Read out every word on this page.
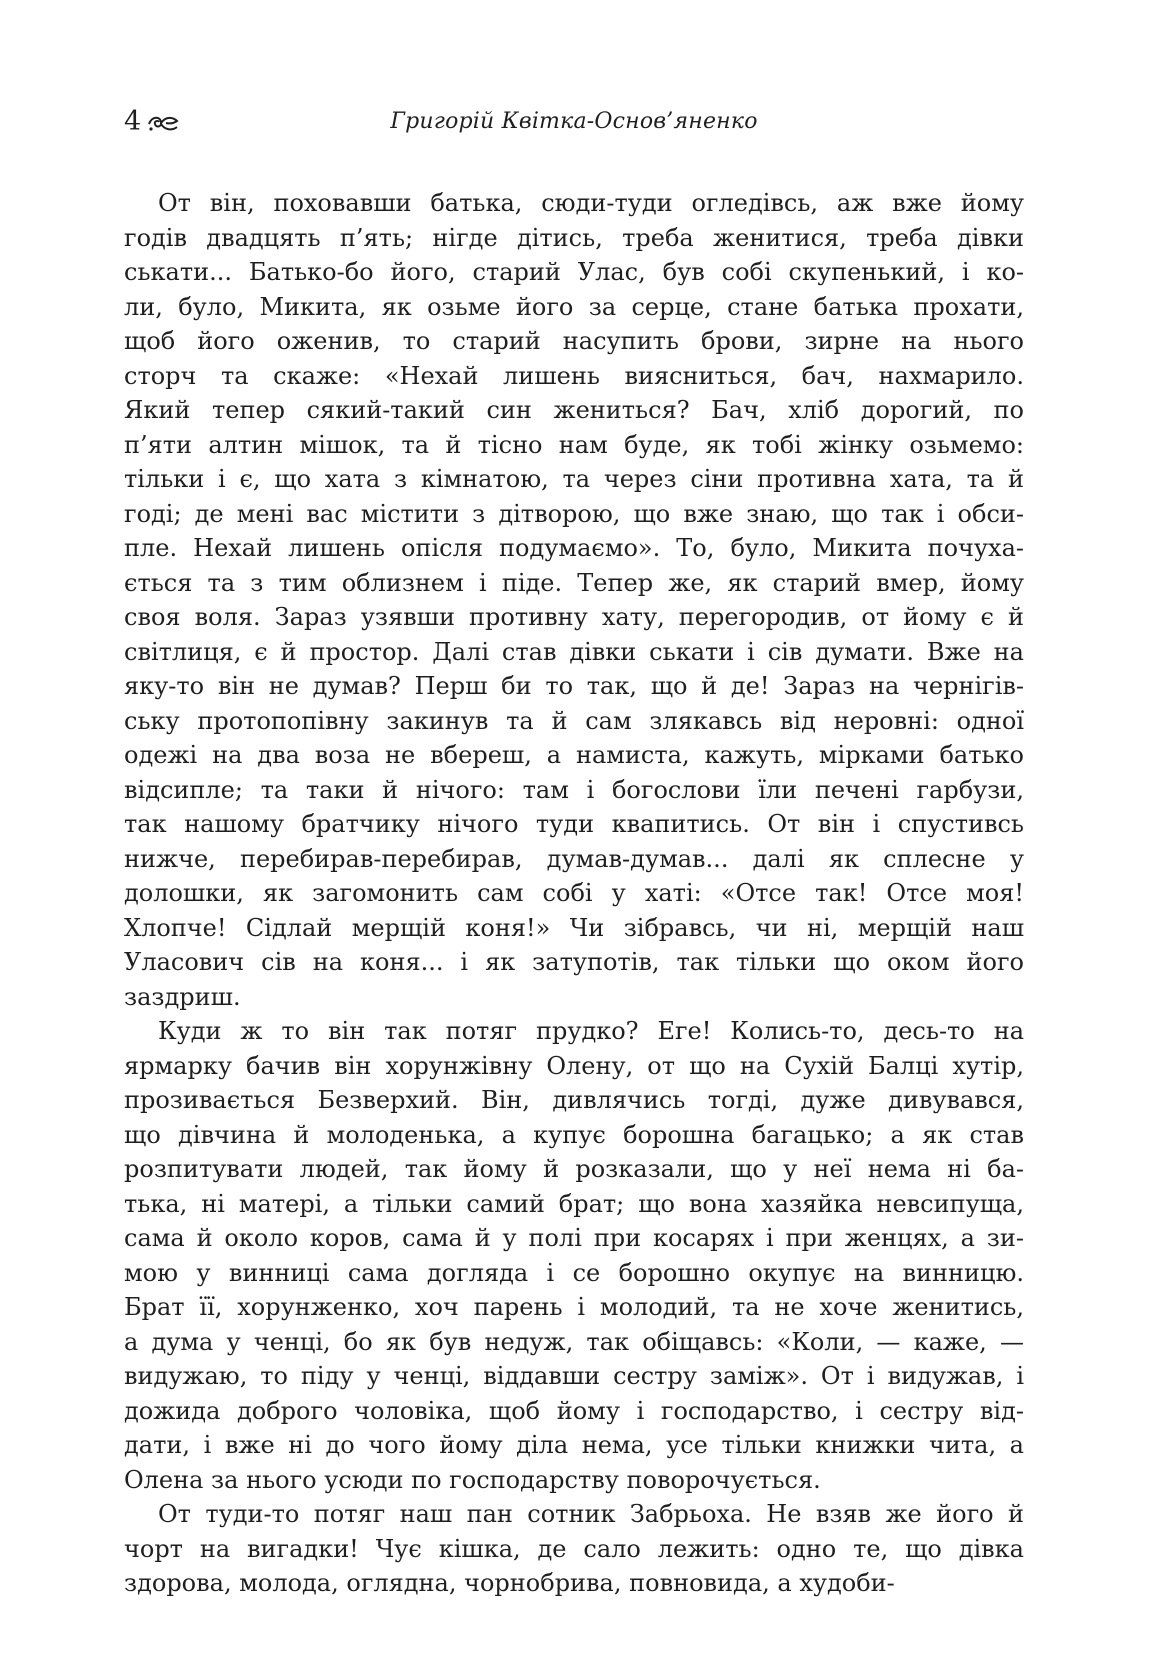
4	Григорій Квітка-Основ’яненко
От він, поховавши батька, сюди-туди огледівсь, аж вже йому
годів двадцять п’ять; нігде дітись, треба женитися, треба дівки
ськати... Батько-бо його, старий Улас, був собі скупенький, і ко-
ли, було, Микита, як озьме його за серце, стане батька прохати,
щоб його оженив, то старий насупить брови, зирне на нього
сторч та скаже: «Нехай лишень виясниться, бач, нахмарило.
Який тепер сякий-такий син жениться? Бач, хліб дорогий, по
п’яти алтин мішок, та й тісно нам буде, як тобі жінку озьмемо:
тільки і є, що хата з кімнатою, та через сіни противна хата, та й
годі; де мені вас містити з дітворою, що вже знаю, що так і обси-
пле. Нехай лишень опісля подумаємо». То, було, Микита почуха-
ється та з тим облизнем і піде. Тепер же, як старий вмер, йому
своя воля. Зараз узявши противну хату, перегородив, от йому є й
світлиця, є й простор. Далі став дівки ськати і сів думати. Вже на
яку-то він не думав? Перш би то так, що й де! Зараз на чернігів-
ську протопопівну закинув та й сам злякавсь від неровні: одної
одежі на два воза не вбереш, а намиста, кажуть, мірками батько
відсипле; та таки й нічого: там і богослови їли печені гарбузи,
так нашому братчику нічого туди квапитись. От він і спустивсь
нижче, перебирав-перебирав, думав-думав... далі як сплесне у
долошки, як загомонить сам собі у хаті: «Отсе так! Отсе моя!
Хлопче! Сідлай мерщій коня!» Чи зібравсь, чи ні, мерщій наш
Уласович сів на коня... і як затупотів, так тільки що оком його
заздриш.
Куди ж то він так потяг прудко? Еге! Колись-то, десь-то на
ярмарку бачив він хорунжівну Олену, от що на Сухій Балці хутір,
прозивається Безверхий. Він, дивлячись тогді, дуже дивувався,
що дівчина й молоденька, а купує борошна багацько; а як став
розпитувати людей, так йому й розказали, що у неї нема ні ба-
тька, ні матері, а тільки самий брат; що вона хазяйка невсипуща,
сама й около коров, сама й у полі при косарях і при женцях, а зи-
мою у винниці сама догляда і се борошно окупує на винницю.
Брат її, хорунженко, хоч парень і молодий, та не хоче женитись,
а дума у ченці, бо як був недуж, так обіщавсь: «Коли, — каже, —
видужаю, то піду у ченці, віддавши сестру заміж». От і видужав, і
дожида доброго чоловіка, щоб йому і господарство, і сестру від-
дати, і вже ні до чого йому діла нема, усе тільки книжки чита, а
Олена за нього усюди по господарству поворочується.
От туди-то потяг наш пан сотник Забрьоха. Не взяв же його й
чорт на вигадки! Чує кішка, де сало лежить: одно те, що дівка
здорова, молода, оглядна, чорнобрива, повновида, а худоби-
